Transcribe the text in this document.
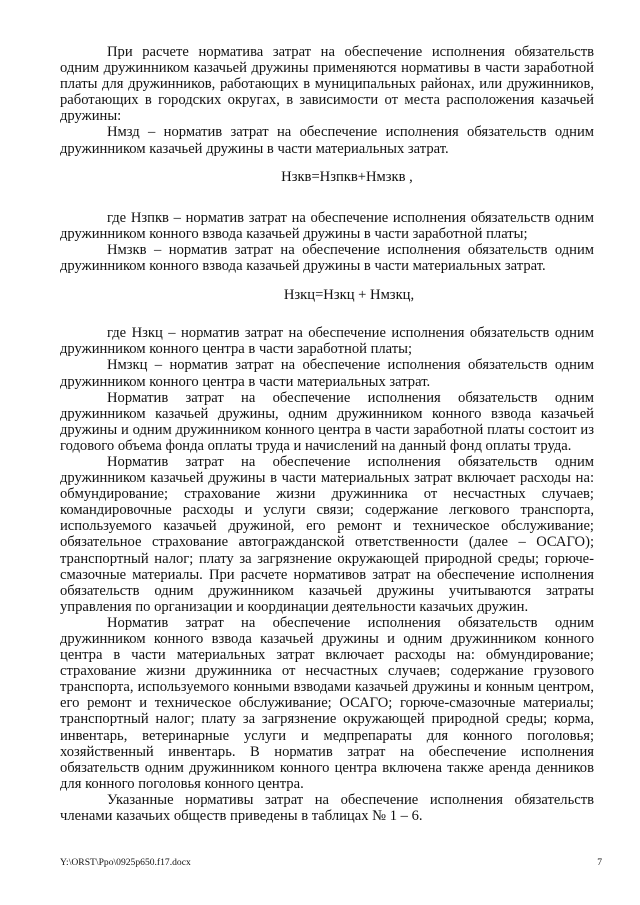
При расчете норматива затрат на обеспечение исполнения обязательств одним дружинником казачьей дружины применяются нормативы в части заработной платы для дружинников, работающих в муниципальных районах, или дружинников, работающих в городских округах, в зависимости от места расположения казачьей дружины:

Нмзд – норматив затрат на обеспечение исполнения обязательств одним дружинником казачьей дружины в части материальных затрат.

Нзкв=Нзпкв+Нмзкв ,

где Нзпкв – норматив затрат на обеспечение исполнения обязательств одним дружинником конного взвода казачьей дружины в части заработной платы;

Нмзкв – норматив затрат на обеспечение исполнения обязательств одним дружинником конного взвода казачьей дружины в части материальных затрат.

Нзкц=Нзкц + Нмзкц,

где Нзкц – норматив затрат на обеспечение исполнения обязательств одним дружинником конного центра в части заработной платы;

Нмзкц – норматив затрат на обеспечение исполнения обязательств одним дружинником конного центра в части материальных затрат.

Норматив затрат на обеспечение исполнения обязательств одним дружинником казачьей дружины, одним дружинником конного взвода казачьей дружины и одним дружинником конного центра в части заработной платы состоит из годового объема фонда оплаты труда и начислений на данный фонд оплаты труда.

Норматив затрат на обеспечение исполнения обязательств одним дружинником казачьей дружины в части материальных затрат включает расходы на: обмундирование; страхование жизни дружинника от несчастных случаев; командировочные расходы и услуги связи; содержание легкового транспорта, используемого казачьей дружиной, его ремонт и техническое обслуживание; обязательное страхование автогражданской ответственности (далее – ОСАГО); транспортный налог; плату за загрязнение окружающей природной среды; горюче-смазочные материалы. При расчете нормативов затрат на обеспечение исполнения обязательств одним дружинником казачьей дружины учитываются затраты управления по организации и координации деятельности казачьих дружин.

Норматив затрат на обеспечение исполнения обязательств одним дружинником конного взвода казачьей дружины и одним дружинником конного центра в части материальных затрат включает расходы на: обмундирование; страхование жизни дружинника от несчастных случаев; содержание грузового транспорта, используемого конными взводами казачьей дружины и конным центром, его ремонт и техническое обслуживание; ОСАГО; горюче-смазочные материалы; транспортный налог; плату за загрязнение окружающей природной среды; корма, инвентарь, ветеринарные услуги и медпрепараты для конного поголовья; хозяйственный инвентарь. В норматив затрат на обеспечение исполнения обязательств одним дружинником конного центра включена также аренда денников для конного поголовья конного центра.

Указанные нормативы затрат на обеспечение исполнения обязательств членами казачьих обществ приведены в таблицах № 1 – 6.

Y:\ORST\Ppo\0925p650.f17.docx	7
